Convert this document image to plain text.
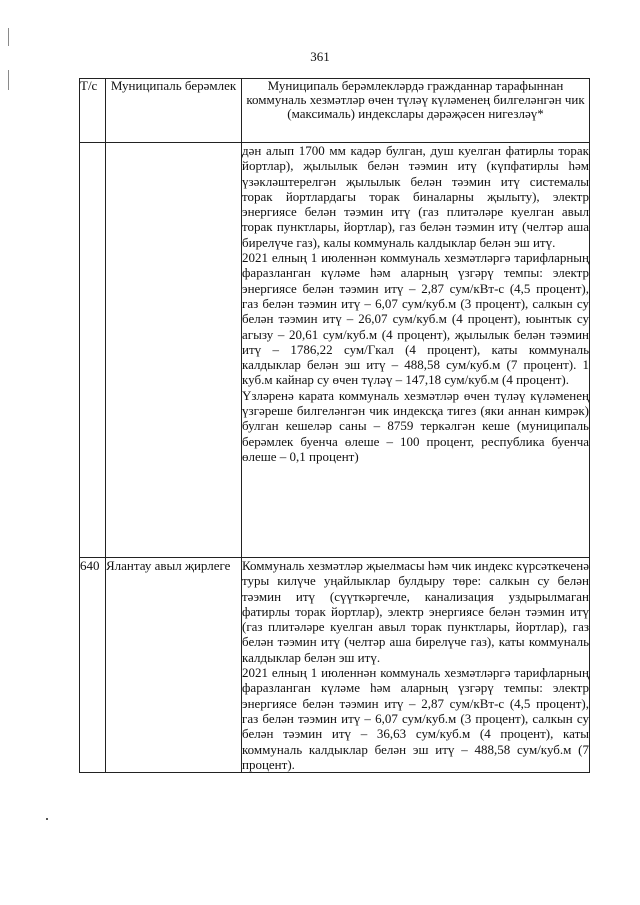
361
Т/с	Муниципаль берәмлек	Муниципаль берәмлекләрдә гражданнар тарафыннан коммуналь хезмәтләр өчен түләү күләменең билгеләнгән чик (максималь) индекслары дәрәҗәсен нигезләү*

		дән алып 1700 мм кадәр булган, душ куелган фатирлы торак йортлар), җылылык белән тәэмин итү (күпфатирлы һәм үзәкләштерелгән җылылык белән тәэмин итү системалы торак йортлардагы торак биналарны җылыту), электр энергиясе белән тәэмин итү (газ плитәләре куелган авыл торак пунктлары, йортлар), газ белән тәэмин итү (челтәр аша бирелүче газ), калы коммуналь калдыклар белән эш итү.

2021 елның 1 июленнән коммуналь хезмәтләргә тарифларның фаразланган күләме һәм аларның үзгәрү темпы: электр энергиясе белән тәэмин итү – 2,87 сум/кВт-с (4,5 процент), газ белән тәэмин итү – 6,07 сум/куб.м (3 процент), салкын су белән тәэмин итү – 26,07 сум/куб.м (4 процент), юынтык су агызу – 20,61 сум/куб.м (4 процент), җылылык белән тәэмин итү – 1786,22 сум/Гкал (4 процент), каты коммуналь калдыклар белән эш итү – 488,58 сум/куб.м (7 процент). 1 куб.м кайнар су өчен түләү – 147,18 сум/куб.м (4 процент).

Үзләренә карата коммуналь хезмәтләр өчен түләү күләменең үзгәреше билгеләнгән чик индексқа тигез (яки аннан кимрәк) булган кешеләр саны – 8759 теркәлгән кеше (муниципаль берәмлек буенча өлеше – 100 процент, республика буенча өлеше – 0,1 процент)

640	Ялантау авыл җирлеге	Коммуналь хезмәтләр җыелмасы һәм чик индекс күрсәткеченә туры килүче уңайлыклар булдыру төре: салкын су белән тәэмин итү (сүүткәргечле, канализация уздырылмаган фатирлы торак йортлар), электр энергиясе белән тәэмин итү (газ плитәләре куелган авыл торак пунктлары, йортлар), газ белән тәэмин итү (челтәр аша бирелүче газ), каты коммуналь калдыклар белән эш итү.

2021 елның 1 июленнән коммуналь хезмәтләргә тарифларның фаразланган күләме һәм аларның үзгәрү темпы: электр энергиясе белән тәэмин итү – 2,87 сум/кВт-с (4,5 процент), газ белән тәэмин итү – 6,07 сум/куб.м (3 процент), салкын су белән тәэмин итү – 36,63 сум/куб.м (4 процент), каты коммуналь калдыклар белән эш итү – 488,58 сум/куб.м (7 процент).
